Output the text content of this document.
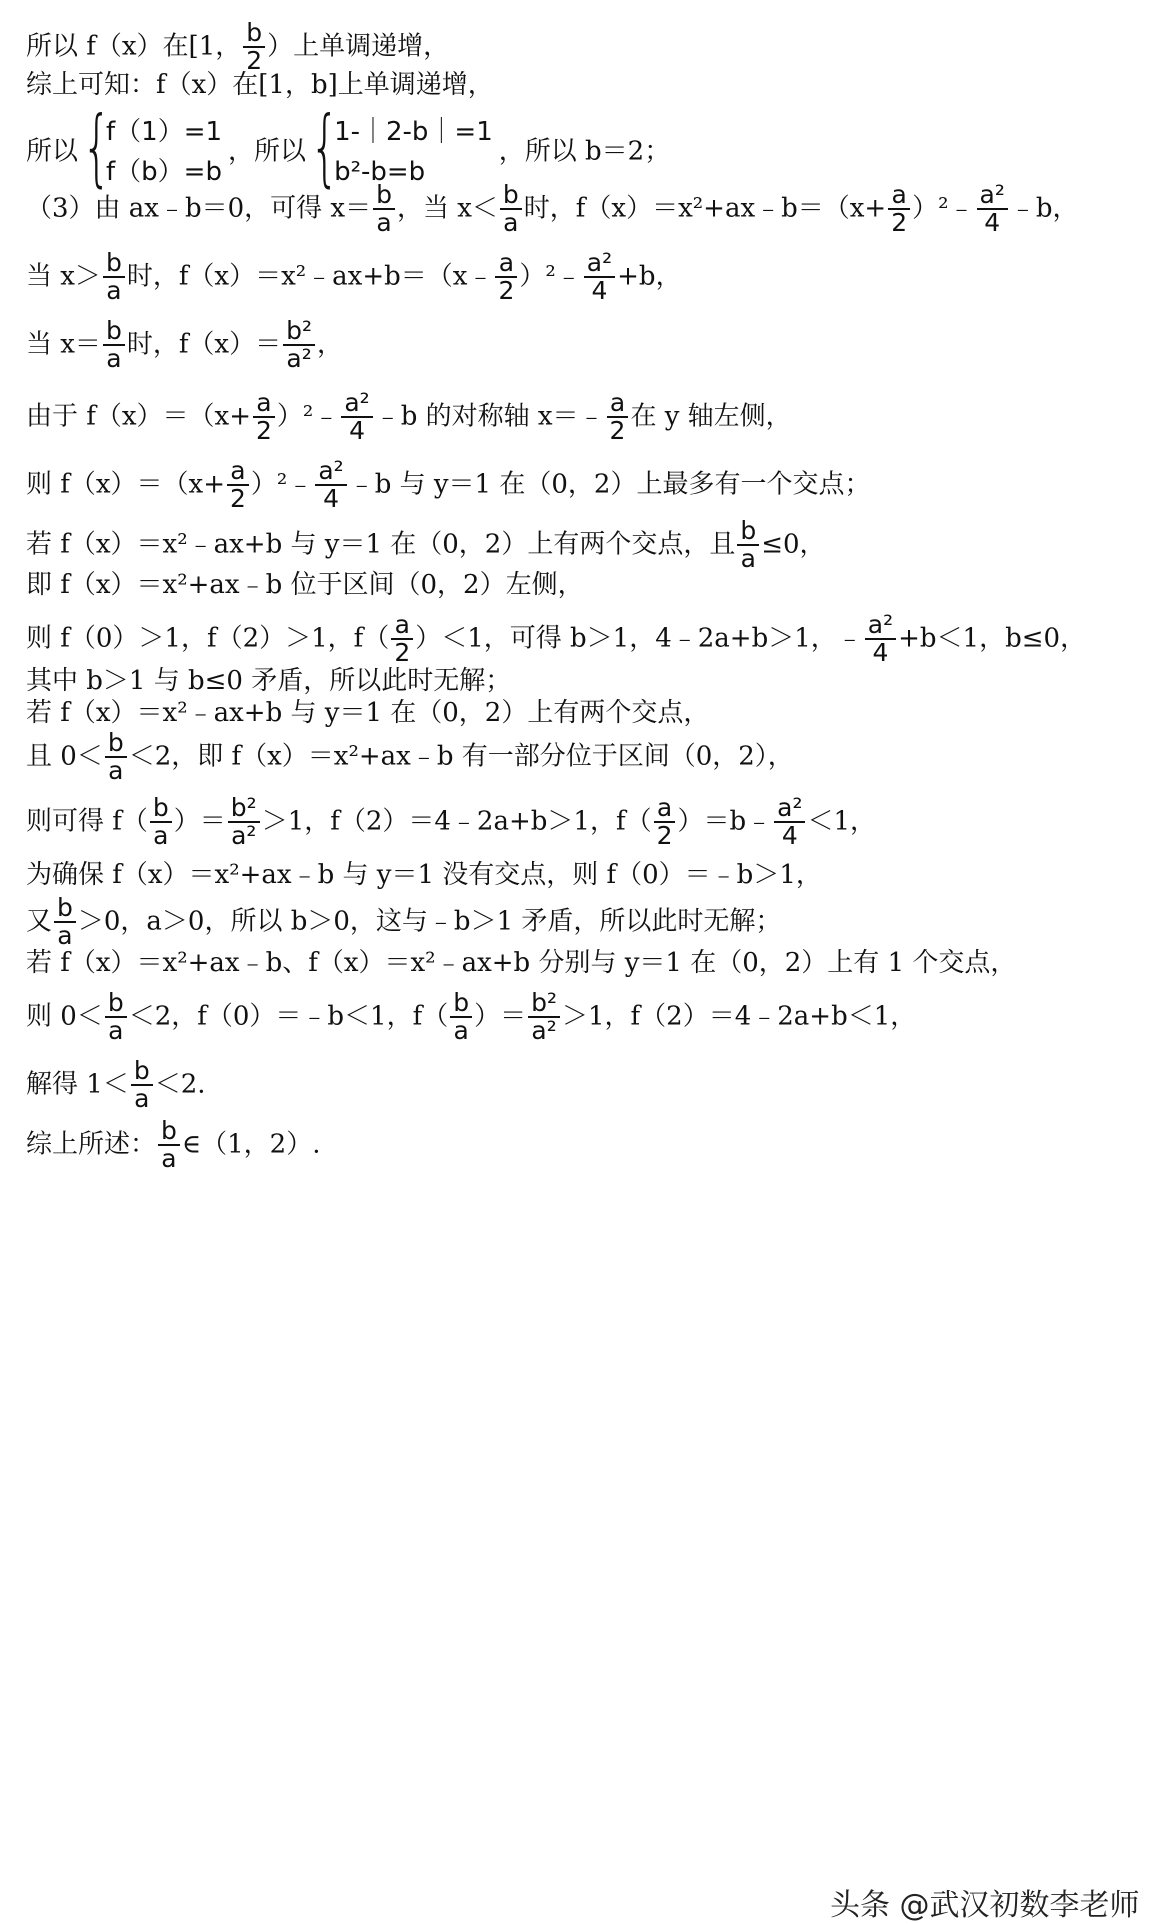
所以 f（x）在[1， $\frac{b}{2}$ ）上单调递增，
综上可知：f（x）在[1，b]上单调递增，
所以 {
f（1）=1
f（b）=b
，所以 {
1-｜2-b｜=1
b²-b=b
，所以 b＝2；
（3）由 ax﹣b＝0，可得 $x= \frac{b}{a}$ ，当 $x< \frac{b}{a}$ 时，f（x）＝x²+ax﹣b＝（x+ $\frac{a}{2}$ ）²﹣ $\frac{\text{a²}}{4}$ ﹣b，
当 $x> \frac{b}{a}$ 时，f（x）＝x²﹣ax+b＝（x﹣ $\frac{a}{2}$ ）²﹣ $\frac{\text{a²}}{4} +b$，
当 $x= \frac{b}{a}$ 时，$f(x)= \frac{\text{b²}}{\text{a²}}$ ，
由于 $f(x)=(x+ \frac{a}{2}$ ）²﹣ $\frac{\text{a²}}{4}$ ﹣b 的对称轴 x＝﹣ $\frac{a}{2}$ 在 y 轴左侧，
则 $f(x)=(x+ \frac{a}{2}$ ）²﹣ $\frac{\text{a²}}{4}$ ﹣b 与 y＝1 在（0，2）上最多有一个交点；
若 f（x）＝x²﹣ax+b 与 y＝1 在（0，2）上有两个交点，且 $\frac{b}{a} \le 0$，
即 f（x）＝x²+ax﹣b 位于区间（0，2）左侧，
则 f（0）＞1，f（2）＞1，$f( \frac{a}{2} )<1$，可得 b＞1，4﹣2a+b＞1，﹣ $\frac{\text{a²}}{4} +b<1$，b≤0，
其中 b＞1 与 b≤0 矛盾，所以此时无解；
若 f（x）＝x²﹣ax+b 与 y＝1 在（0，2）上有两个交点，
且 $0< \frac{b}{a} <2$，即 f（x）＝x²+ax﹣b 有一部分位于区间（0，2），
则可得 $f( \frac{b}{a}$ ）＝ $\frac{\text{b²}}{\text{a²}} >1$，f（2）＝4﹣2a+b＞1，$f( \frac{a}{2}$ ）＝b﹣ $\frac{\text{a²}}{4} <1$，
为确保 f（x）＝x²+ax﹣b 与 y＝1 没有交点，则 f（0）＝﹣b＞1，
又 $\frac{b}{a} >0$，a＞0，所以 b＞0，这与﹣b＞1 矛盾，所以此时无解；
若 f（x）＝x²+ax﹣b、f（x）＝x²﹣ax+b 分别与 y＝1 在（0，2）上有 1 个交点，
则 $0< \frac{b}{a} <2$，f（0）＝﹣b＜1，$f( \frac{b}{a}$ ）＝ $\frac{\text{b²}}{\text{a²}} >1$，f（2）＝4﹣2a+b＜1，
解得 $1< \frac{b}{a} <2$.
综上所述： $\frac{b}{a}$ ∈（1，2）.
头条 @武汉初数李老师
